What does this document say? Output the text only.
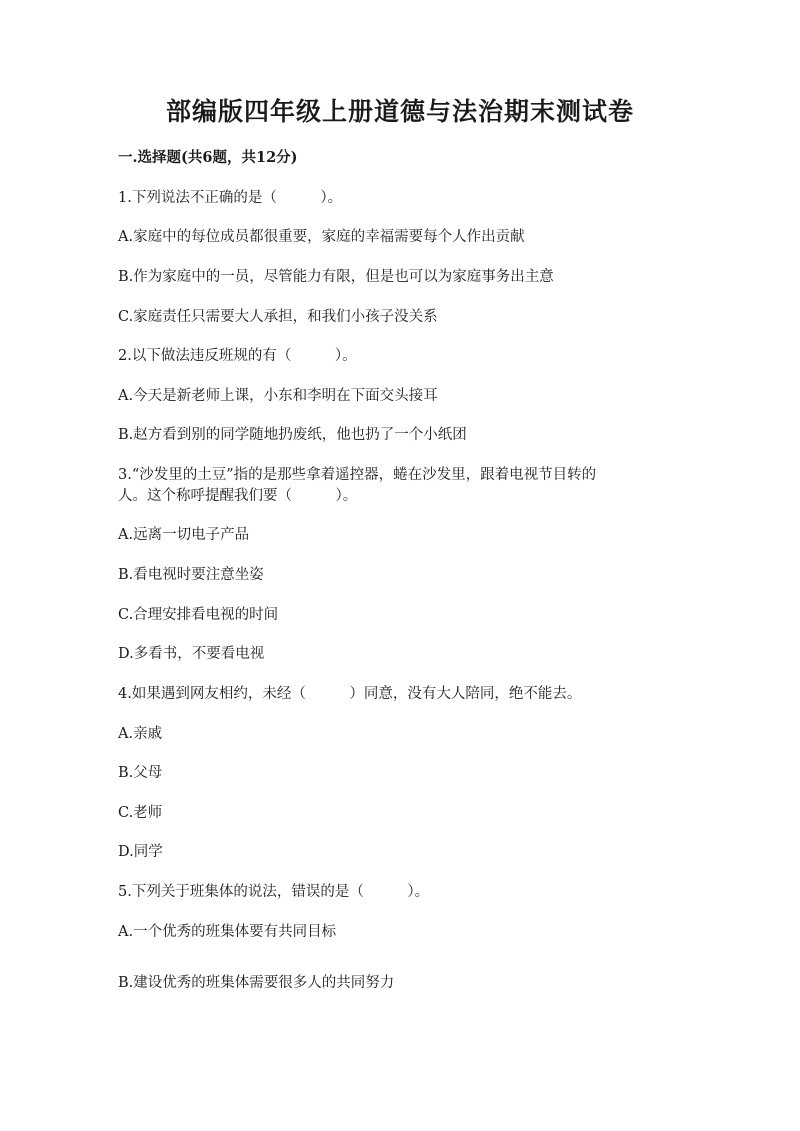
部编版四年级上册道德与法治期末测试卷
一.选择题(共6题，共12分)
1.下列说法不正确的是（　　　）。
A.家庭中的每位成员都很重要，家庭的幸福需要每个人作出贡献
B.作为家庭中的一员，尽管能力有限，但是也可以为家庭事务出主意
C.家庭责任只需要大人承担，和我们小孩子没关系
2.以下做法违反班规的有（　　　）。
A.今天是新老师上课，小东和李明在下面交头接耳
B.赵方看到别的同学随地扔废纸，他也扔了一个小纸团
3.“沙发里的土豆”指的是那些拿着遥控器，蜷在沙发里，跟着电视节目转的
人。这个称呼提醒我们要（　　　）。
A.远离一切电子产品
B.看电视时要注意坐姿
C.合理安排看电视的时间
D.多看书，不要看电视
4.如果遇到网友相约，未经（　　　）同意，没有大人陪同，绝不能去。
A.亲戚
B.父母
C.老师
D.同学
5.下列关于班集体的说法，错误的是（　　　）。
A.一个优秀的班集体要有共同目标
B.建设优秀的班集体需要很多人的共同努力
